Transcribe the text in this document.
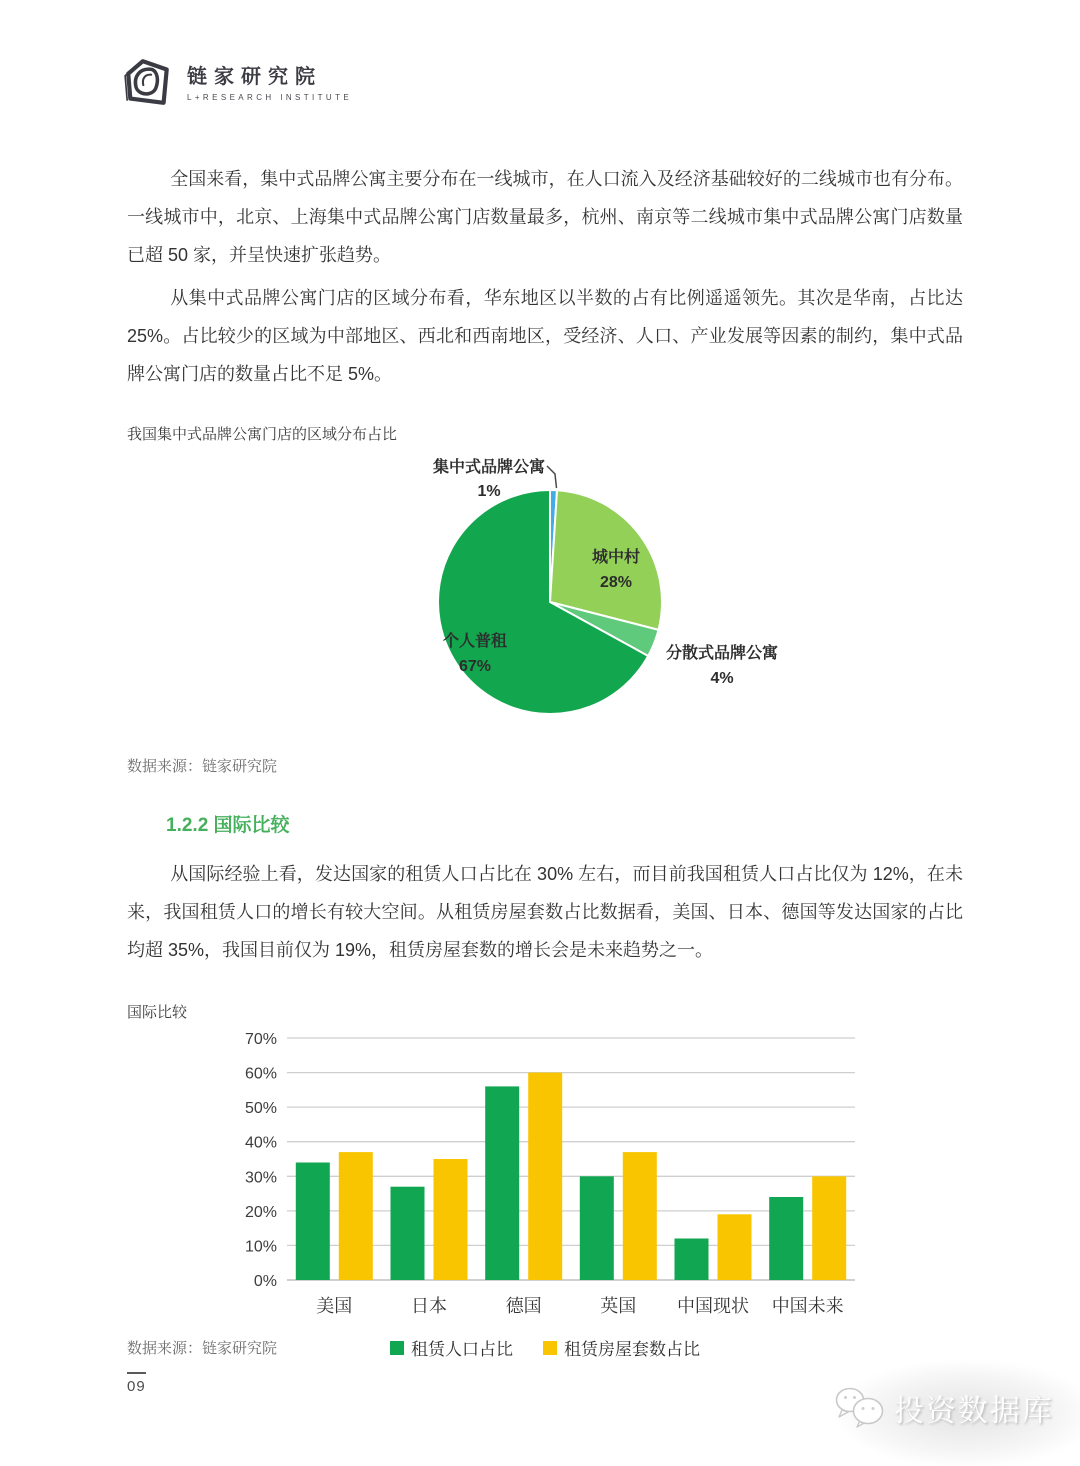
链家研究院
L+RESEARCH INSTITUTE

全国来看，集中式品牌公寓主要分布在一线城市，在人口流入及经济基础较好的二线城市也有分布。一线城市中，北京、上海集中式品牌公寓门店数量最多，杭州、南京等二线城市集中式品牌公寓门店数量已超 50 家，并呈快速扩张趋势。

从集中式品牌公寓门店的区域分布看，华东地区以半数的占有比例遥遥领先。其次是华南，占比达 25%。占比较少的区域为中部地区、西北和西南地区，受经济、人口、产业发展等因素的制约，集中式品牌公寓门店的数量占比不足 5%。

我国集中式品牌公寓门店的区域分布占比
集中式品牌公寓
1%
城中村
28%
分散式品牌公寓
4%
个人普租
67%
数据来源：链家研究院
1.2.2 国际比较

从国际经验上看，发达国家的租赁人口占比在 30% 左右，而目前我国租赁人口占比仅为 12%，在未来，我国租赁人口的增长有较大空间。从租赁房屋套数占比数据看，美国、日本、德国等发达国家的占比均超 35%，我国目前仅为 19%，租赁房屋套数的增长会是未来趋势之一。

国际比较
0%
10%
20%
30%
40%
50%
60%
70%
美国	日本	德国	英国 中国现状 中国未来
数据来源：链家研究院	租赁人口占比	租赁房屋套数占比
09
投资数据库
